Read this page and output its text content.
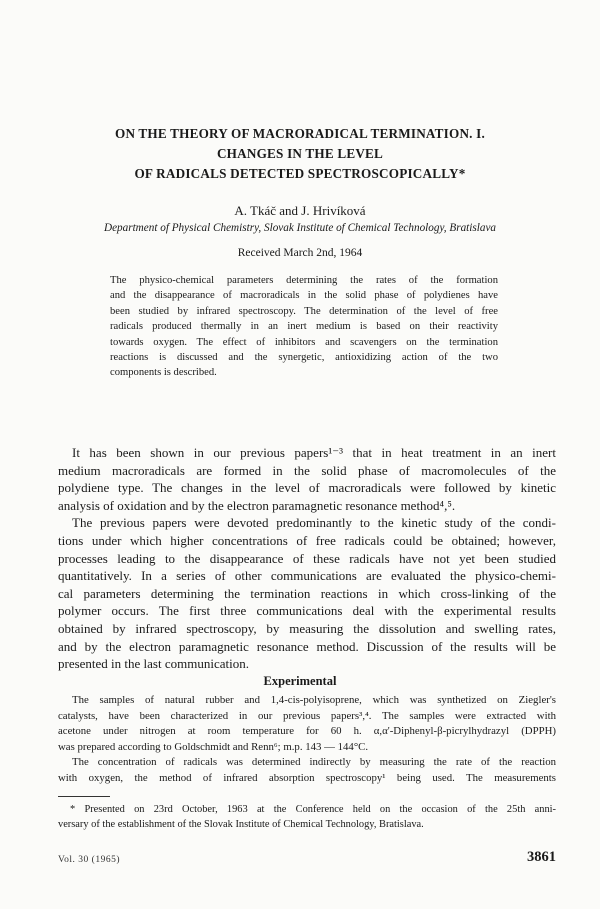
ON THE THEORY OF MACRORADICAL TERMINATION. I.
CHANGES IN THE LEVEL
OF RADICALS DETECTED SPECTROSCOPICALLY*
A. Tkáč and J. Hrivíková
Department of Physical Chemistry, Slovak Institute of Chemical Technology, Bratislava
Received March 2nd, 1964
The physico-chemical parameters determining the rates of the formation
and the disappearance of macroradicals in the solid phase of polydienes have
been studied by infrared spectroscopy. The determination of the level of free
radicals produced thermally in an inert medium is based on their reactivity
towards oxygen. The effect of inhibitors and scavengers on the termination
reactions is discussed and the synergetic, antioxidizing action of the two
components is described.
It has been shown in our previous papers¹⁻³ that in heat treatment in an inert
medium macroradicals are formed in the solid phase of macromolecules of the
polydiene type. The changes in the level of macroradicals were followed by kinetic
analysis of oxidation and by the electron paramagnetic resonance method⁴,⁵.
The previous papers were devoted predominantly to the kinetic study of the condi-
tions under which higher concentrations of free radicals could be obtained; however,
processes leading to the disappearance of these radicals have not yet been studied
quantitatively. In a series of other communications are evaluated the physico-chemi-
cal parameters determining the termination reactions in which cross-linking of the
polymer occurs. The first three communications deal with the experimental results
obtained by infrared spectroscopy, by measuring the dissolution and swelling rates,
and by the electron paramagnetic resonance method. Discussion of the results will be
presented in the last communication.
Experimental
The samples of natural rubber and 1,4-cis-polyisoprene, which was synthetized on Ziegler's
catalysts, have been characterized in our previous papers³,⁴. The samples were extracted with
acetone under nitrogen at room temperature for 60 h. α,α'-Diphenyl-β-picrylhydrazyl (DPPH)
was prepared according to Goldschmidt and Renn⁶; m.p. 143 — 144°C.
The concentration of radicals was determined indirectly by measuring the rate of the reaction
with oxygen, the method of infrared absorption spectroscopy¹ being used. The measurements
* Presented on 23rd October, 1963 at the Conference held on the occasion of the 25th anni-
versary of the establishment of the Slovak Institute of Chemical Technology, Bratislava.
Vol. 30 (1965)	3861
